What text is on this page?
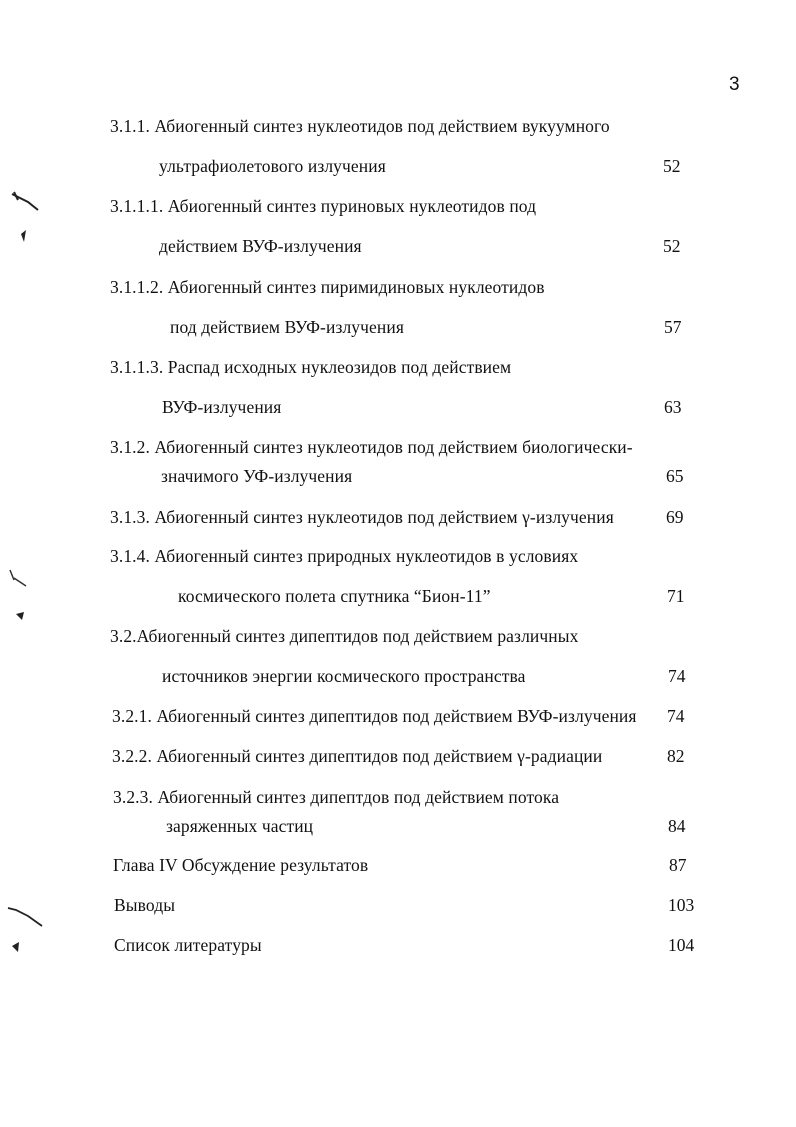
3
3.1.1. Абиогенный синтез нуклеотидов под действием вукуумного
ультрафиолетового излучения	52
3.1.1.1. Абиогенный синтез пуриновых нуклеотидов под
действием ВУФ-излучения	52
3.1.1.2. Абиогенный синтез пиримидиновых нуклеотидов
под действием ВУФ-излучения	57
3.1.1.3. Распад исходных нуклеозидов под действием
ВУФ-излучения	63
3.1.2. Абиогенный синтез нуклеотидов под действием биологически-
значимого УФ-излучения	65
3.1.3. Абиогенный синтез нуклеотидов под действием γ-излучения	69
3.1.4. Абиогенный синтез природных нуклеотидов в условиях
космического полета спутника “Бион-11”	71
3.2.Абиогенный синтез дипептидов под действием различных
источников энергии космического пространства	74
3.2.1. Абиогенный синтез дипептидов под действием ВУФ-излучения 74
3.2.2. Абиогенный синтез дипептидов под действием γ-радиации	82
3.2.3. Абиогенный синтез дипептдов под действием потока
заряженных частиц	84
Глава IV Обсуждение результатов	87
Выводы	103
Список литературы	104
